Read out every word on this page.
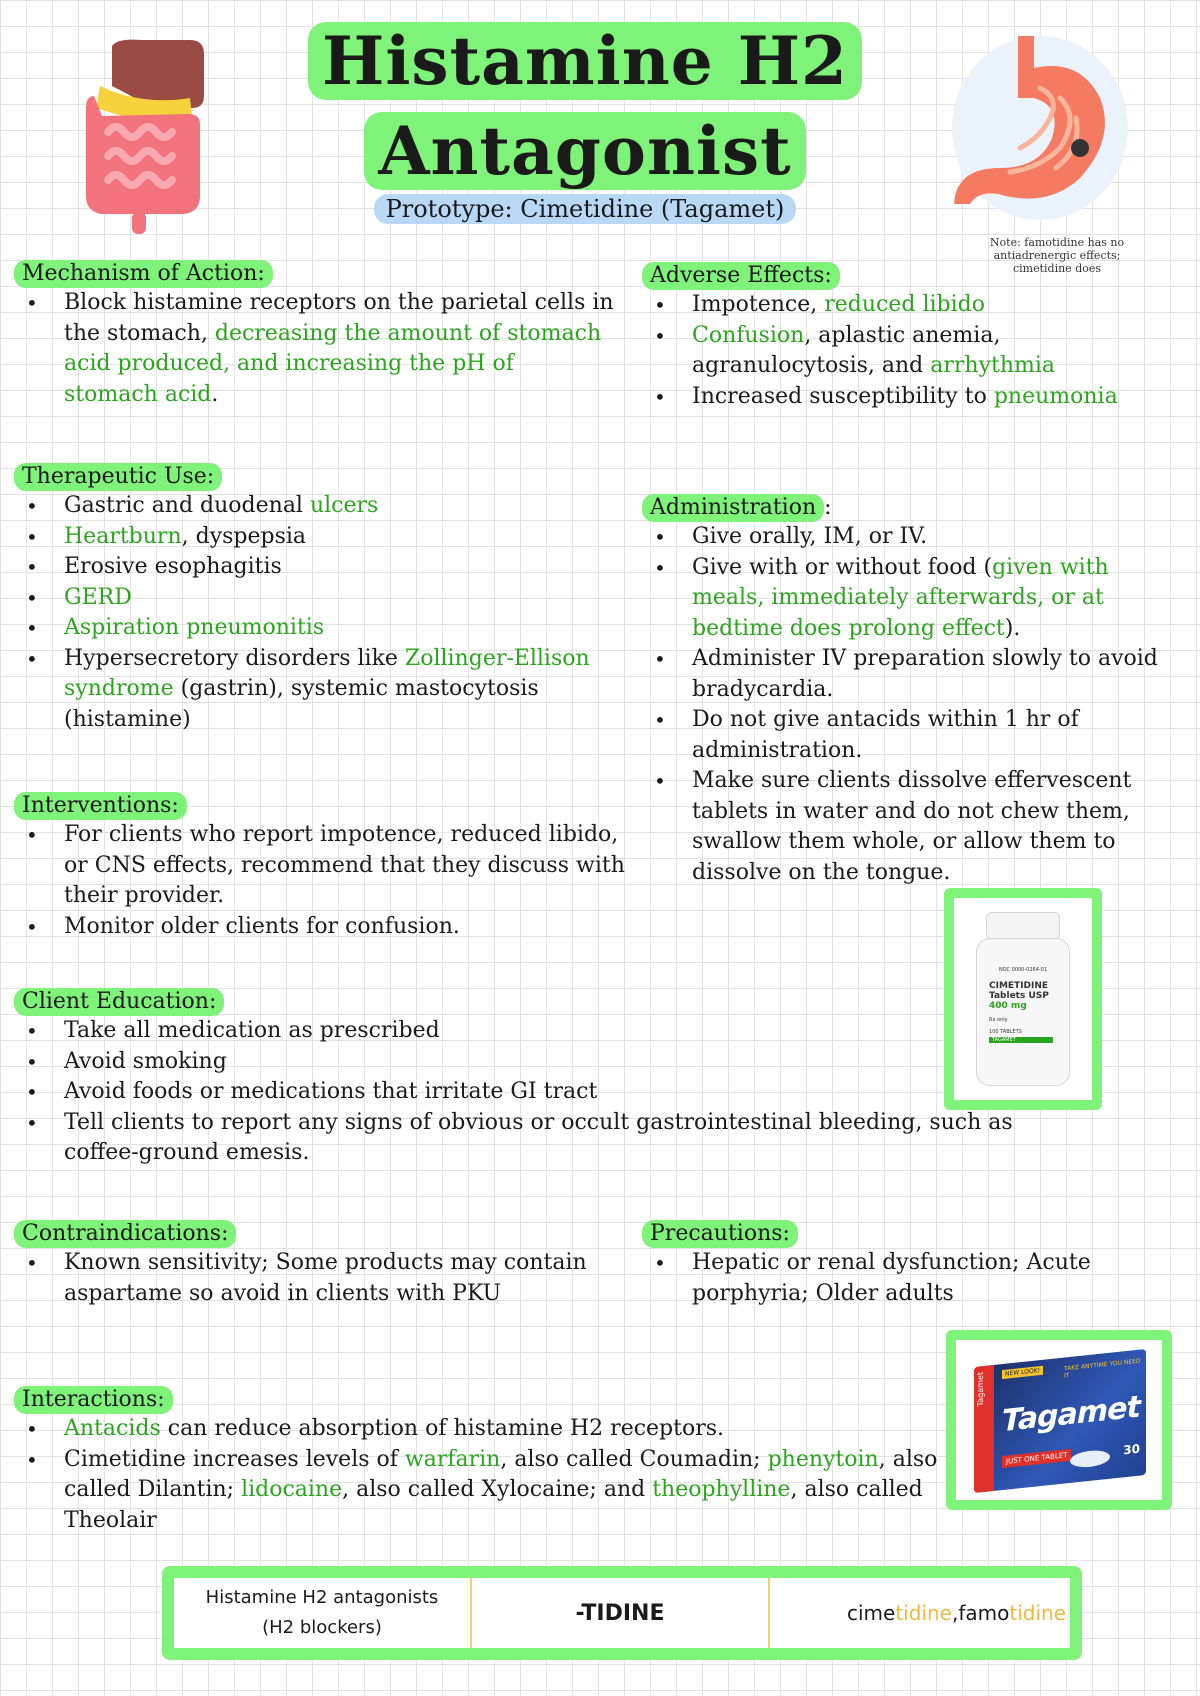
Histamine H2
Antagonist
Prototype: Cimetidine (Tagamet)
Note: famotidine has no antiadrenergic effects; cimetidine does
Mechanism of Action:
• Block histamine receptors on the parietal cells in the stomach, decreasing the amount of stomach acid produced, and increasing the pH of stomach acid.
Therapeutic Use:
• Gastric and duodenal ulcers
• Heartburn, dyspepsia
• Erosive esophagitis
• GERD
• Aspiration pneumonitis
• Hypersecretory disorders like Zollinger-Ellison syndrome (gastrin), systemic mastocytosis (histamine)
Interventions:
• For clients who report impotence, reduced libido, or CNS effects, recommend that they discuss with their provider.
• Monitor older clients for confusion.
Client Education:
• Take all medication as prescribed
• Avoid smoking
• Avoid foods or medications that irritate GI tract
• Tell clients to report any signs of obvious or occult gastrointestinal bleeding, such as coffee-ground emesis.
Contraindications:
• Known sensitivity; Some products may contain aspartame so avoid in clients with PKU
Interactions:
• Antacids can reduce absorption of histamine H2 receptors.
• Cimetidine increases levels of warfarin, also called Coumadin; phenytoin, also called Dilantin; lidocaine, also called Xylocaine; and theophylline, also called Theolair
Adverse Effects:
• Impotence, reduced libido
• Confusion, aplastic anemia, agranulocytosis, and arrhythmia
• Increased susceptibility to pneumonia
Administration :
• Give orally, IM, or IV.
• Give with or without food (given with meals, immediately afterwards, or at bedtime does prolong effect).
• Administer IV preparation slowly to avoid bradycardia.
• Do not give antacids within 1 hr of administration.
• Make sure clients dissolve effervescent tablets in water and do not chew them, swallow them whole, or allow them to dissolve on the tongue.
Precautions:
• Hepatic or renal dysfunction; Acute porphyria; Older adults
NDC 0000-0264-01
CIMETIDINE
Tablets USP
400 mg
Rx only
100 TABLETS
TAGAMET
Tagamet	NEW LOOK!	TAKE ANYTIME YOU NEED IT
Tagamet
JUST ONE TABLET
30
Histamine H2 antagonists
(H2 blockers)
-TIDINE	cime tidine , famo tidine
